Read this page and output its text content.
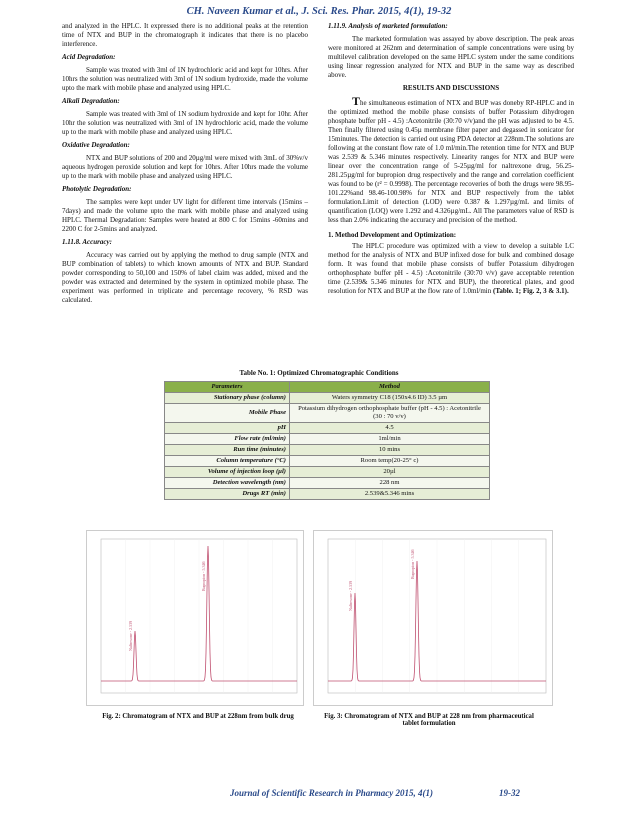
CH. Naveen Kumar et al., J. Sci. Res. Phar. 2015, 4(1), 19-32

and analyzed in the HPLC. It expressed there is no additional peaks at the retention time of NTX and BUP in the chromatograph it indicates that there is no placebo interference.

Acid Degradation:

Sample was treated with 3ml of 1N hydrochloric acid and kept for 10hrs. After 10hrs the solution was neutralized with 3ml of 1N sodium hydroxide, made the volume upto the mark with mobile phase and analyzed using HPLC.

Alkali Degradation:

Sample was treated with 3ml of 1N sodium hydroxide and kept for 10hr. After 10hr the solution was neutralized with 3ml of 1N hydrochloric acid, made the volume up to the mark with mobile phase and analyzed using HPLC.

Oxidative Degradation:

NTX and BUP solutions of 200 and 20µg/ml were mixed with 3mL of 30%v/v aqueous hydrogen peroxide solution and kept for 10hrs. After 10hrs made the volume up to the mark with mobile phase and analyzed using HPLC.

Photolytic Degradation:

The samples were kept under UV light for different time intervals (15mins – 7days) and made the volume upto the mark with mobile phase and analyzed using HPLC. Thermal Degradation: Samples were heated at 800 C for 15mins -60mins and 2200 C for 2-5mins and analyzed.

1.11.8. Accuracy:

Accuracy was carried out by applying the method to drug sample (NTX and BUP combination of tablets) to which known amounts of NTX and BUP. Standard powder corresponding to 50,100 and 150% of label claim was added, mixed and the powder was extracted and determined by the system in optimized mobile phase. The experiment was performed in triplicate and percentage recovery, % RSD was calculated.

1.11.9. Analysis of marketed formulation:

The marketed formulation was assayed by above description. The peak areas were monitored at 262nm and determination of sample concentrations were using by multilevel calibration developed on the same HPLC system under the same conditions using linear regression analyzed for NTX and BUP in the same way as described above.

RESULTS AND DISCUSSIONS

The simultaneous estimation of NTX and BUP was doneby RP-HPLC and in the optimized method the mobile phase consists of buffer Potassium dihydrogen phosphate buffer pH - 4.5) :Acetonitrile (30:70 v/v)and the pH was adjusted to be 4.5. Then finally filtered using 0.45µ membrane filter paper and degassed in sonicator for 15minutes. The detection is carried out using PDA detector at 228nm.The solutions are following at the constant flow rate of 1.0 ml/min.The retention time for NTX and BUP was 2.539 & 5.346 minutes respectively. Linearity ranges for NTX and BUP were linear over the concentration range of 5-25µg/ml for naltrexone drug, 56.25-281.25µg/ml for bupropion drug respectively and the range and correlation coefficient was found to be (r² = 0.9998). The percentage recoveries of both the drugs were 98.95-101.22%and 98.46-100.98% for NTX and BUP respectively from the tablet formulation.Limit of detection (LOD) were 0.387 & 1.297µg/mL and limits of quantification (LOQ) were 1.292 and 4.326µg/mL. All The parameters value of RSD is less than 2.0% indicating the accuracy and precision of the method.

1. Method Development and Optimization:

The HPLC procedure was optimized with a view to develop a suitable LC method for the analysis of NTX and BUP infixed dose for bulk and combined dosage form. It was found that mobile phase consists of buffer Potassium dihydrogen orthophosphate buffer pH - 4.5) :Acetonitrile (30:70 v/v) gave acceptable retention time (2.539& 5.346 minutes for NTX and BUP), the theoretical plates, and good resolution for NTX and BUP at the flow rate of 1.0ml/min (Table. 1; Fig. 2, 3 & 3.1).

Table No. 1: Optimized Chromatographic Conditions
Parameters	Method
Stationary phase (column)	Waters symmetry C18 (150x4.6 ID) 3.5 µm
Mobile Phase	Potassium dihydrogen orthophosphate buffer (pH - 4.5) : Acetonitrile (30 : 70 v/v)
pH	4.5
Flow rate (ml/min)	1ml/min
Run time (minutes)	10 mins
Column temperature (°C)	Room temp(20-25° c)
Volume of injection loop (µl)	20µl
Detection wavelength (nm)	228 nm
Drugs RT (min)	2.539&5.346 mins
Naltrexone - 2.539
Bupropion - 5.346
Naltrexone - 2.539
Bupropion - 5.346
Fig. 2: Chromatogram of NTX and BUP at 228nm from bulk drug	Fig. 3: Chromatogram of NTX and BUP at 228 nm from pharmaceutical tablet formulation
Journal of Scientific Research in Pharmacy 2015, 4(1)	19-32
